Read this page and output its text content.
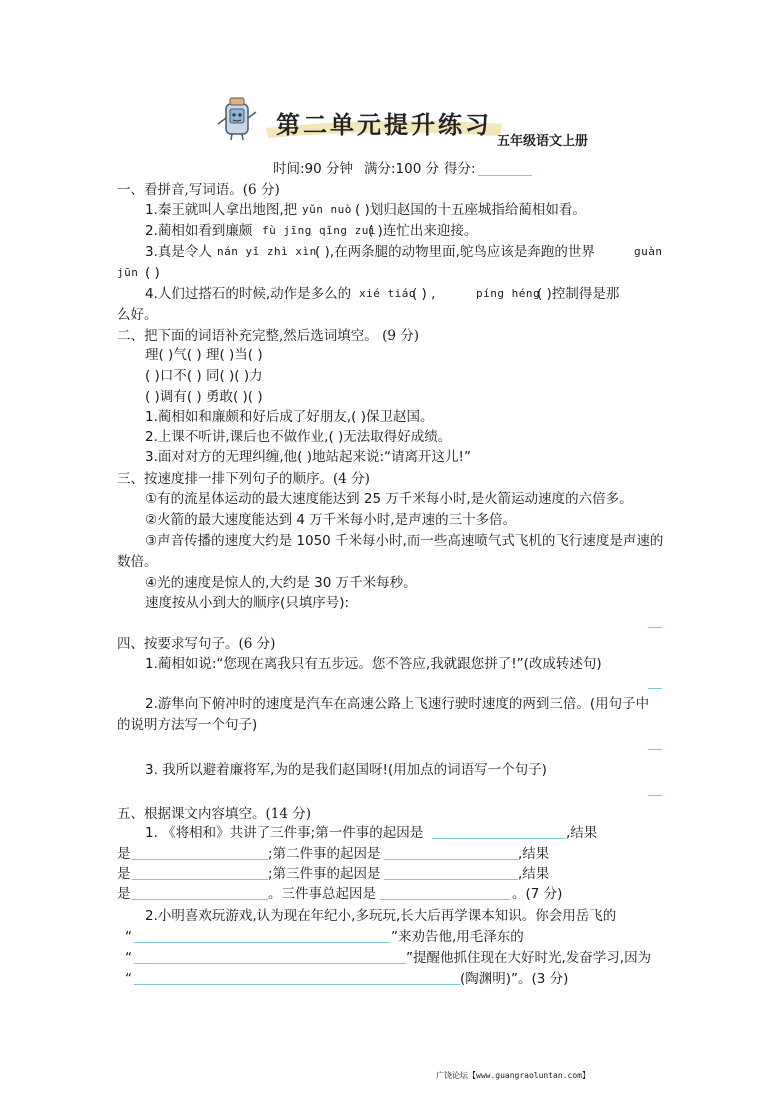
第二单元提升练习
五年级语文上册
时间:90 分钟 满分:100 分 得分:
一、看拼音,写词语。(6 分)
1.秦王就叫人拿出地图,把 yǔn nuò ( )划归赵国的十五座城指给蔺相如看。
2.蔺相如看到廉颇 fù jīng qǐng zuì
( )连忙出来迎接。
3.真是令人 nán yǐ zhì xìn
( ),在两条腿的动物里面,鸵鸟应该是奔跑的世界	guàn
jūn ( )
4.人们过搭石的时候,动作是多么的 xié tiáo
( ) ,	píng héng
( )控制得是那
么好。
二、把下面的词语补充完整,然后选词填空。 (9 分)
理( )气( ) 理( )当( )
( )口不( ) 同( )( )力
( )调有( ) 勇敢( )( )
1.蔺相如和廉颇和好后成了好朋友,( )保卫赵国。
2.上课不听讲,课后也不做作业,( )无法取得好成绩。
3.面对对方的无理纠缠,他( )地站起来说:“请离开这儿!”
三、按速度排一排下列句子的顺序。(4 分)
①有的流星体运动的最大速度能达到 25 万千米每小时,是火箭运动速度的六倍多。
②火箭的最大速度能达到 4 万千米每小时,是声速的三十多倍。
③声音传播的速度大约是 1050 千米每小时,而一些高速喷气式飞机的飞行速度是声速的
数倍。
④光的速度是惊人的,大约是 30 万千米每秒。
速度按从小到大的顺序(只填序号):
四、按要求写句子。(6 分)
1.蔺相如说:“您现在离我只有五步远。您不答应,我就跟您拼了!”(改成转述句)
2.游隼向下俯冲时的速度是汽车在高速公路上飞速行驶时速度的两到三倍。(用句子中
的说明方法写一个句子)
3. 我所以避着廉将军,为的是我们赵国呀!(用加点的词语写一个句子)
五、根据课文内容填空。(14 分)
1. 《将相和》共讲了三件事;第一件事的起因是	,结果
是	;第二件事的起因是	,结果
是	;第三件事的起因是	,结果
是	。三件事总起因是	。(7 分)
2.小明喜欢玩游戏,认为现在年纪小,多玩玩,长大后再学课本知识。你会用岳飞的
“	”来劝告他,用毛泽东的
“	”提醒他抓住现在大好时光,发奋学习,因为
“	(陶渊明)”。(3 分)
广饶论坛【www.guangraoluntan.com】
